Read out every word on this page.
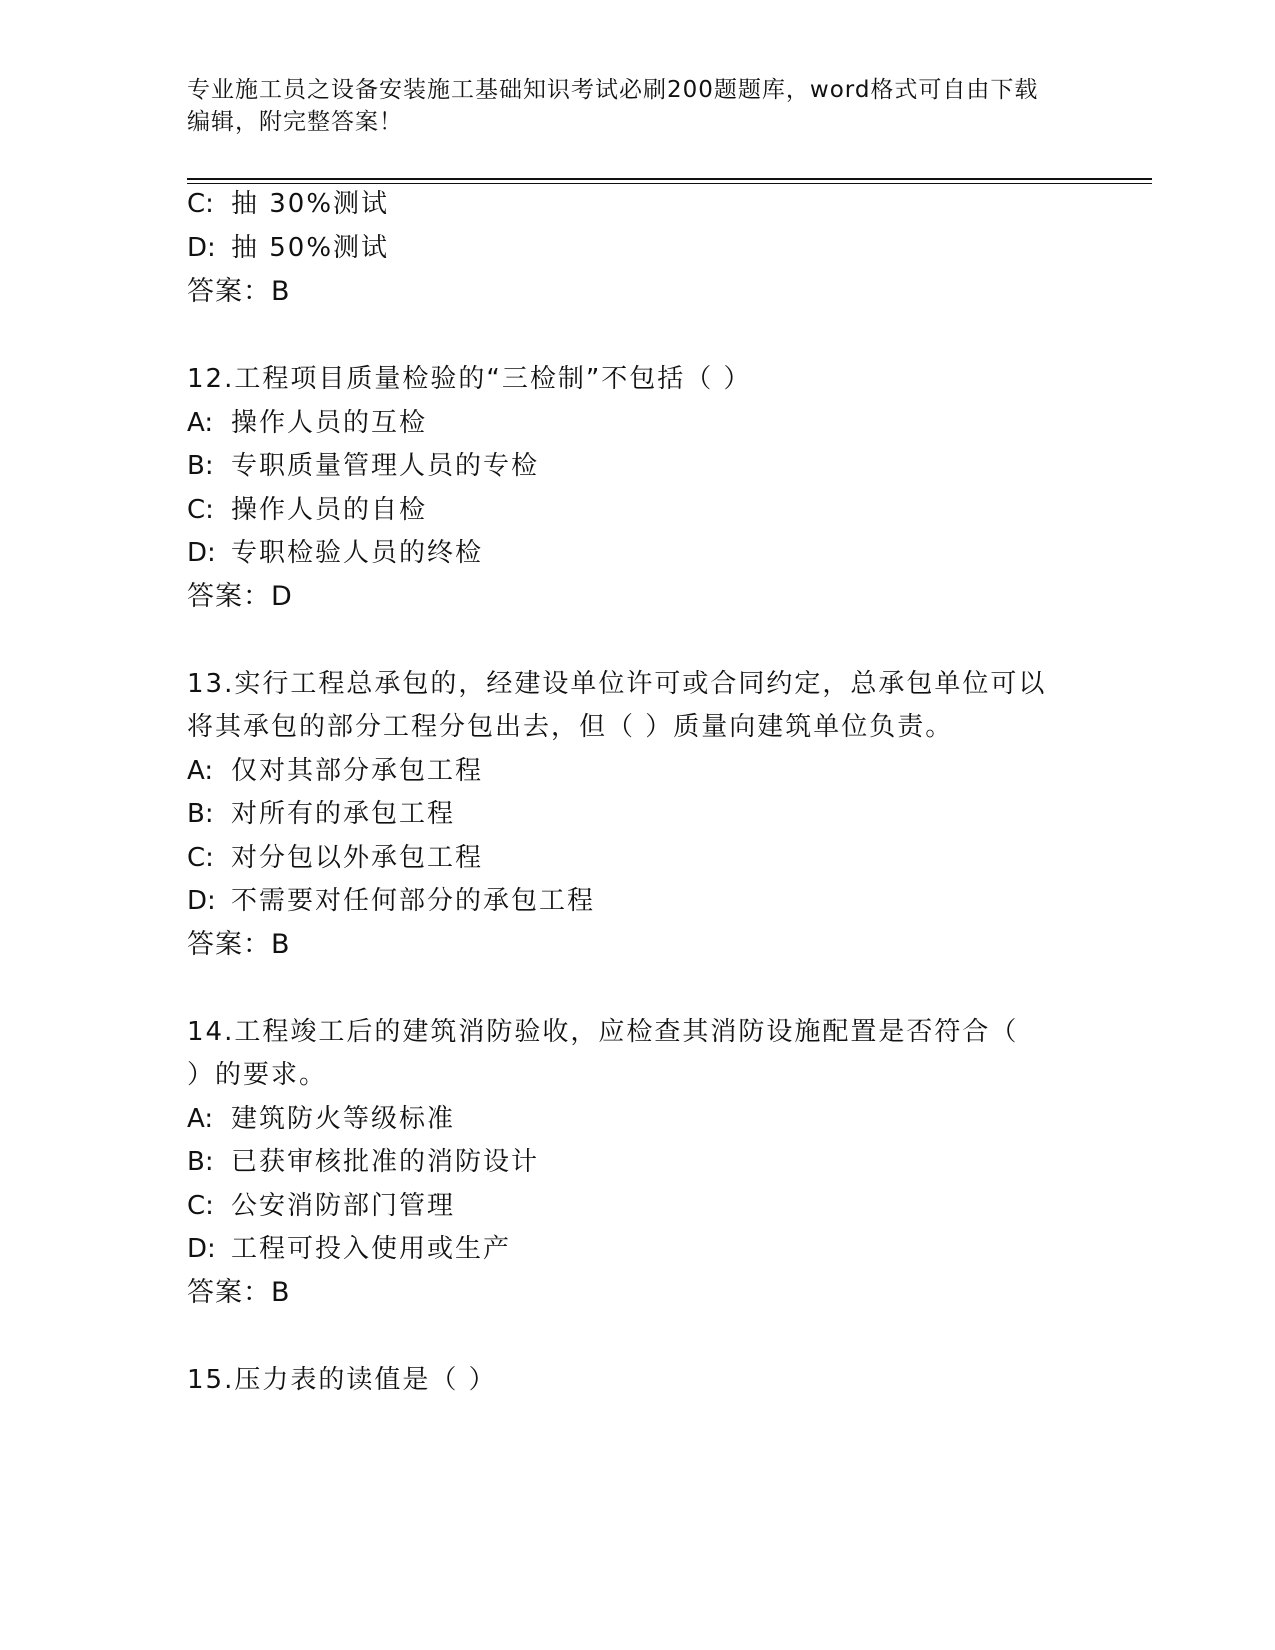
专业施工员之设备安装施工基础知识考试必刷200题题库，word格式可自由下载
编辑，附完整答案！
C: 抽 30%测试
D: 抽 50%测试
答案：B
12.工程项目质量检验的“三检制”不包括（ ）
A: 操作人员的互检
B: 专职质量管理人员的专检
C: 操作人员的自检
D: 专职检验人员的终检
答案：D
13.实行工程总承包的，经建设单位许可或合同约定，总承包单位可以
将其承包的部分工程分包出去，但（ ）质量向建筑单位负责。
A: 仅对其部分承包工程
B: 对所有的承包工程
C: 对分包以外承包工程
D: 不需要对任何部分的承包工程
答案：B
14.工程竣工后的建筑消防验收，应检查其消防设施配置是否符合（
）的要求。
A: 建筑防火等级标准
B: 已获审核批准的消防设计
C: 公安消防部门管理
D: 工程可投入使用或生产
答案：B
15.压力表的读值是（ ）
